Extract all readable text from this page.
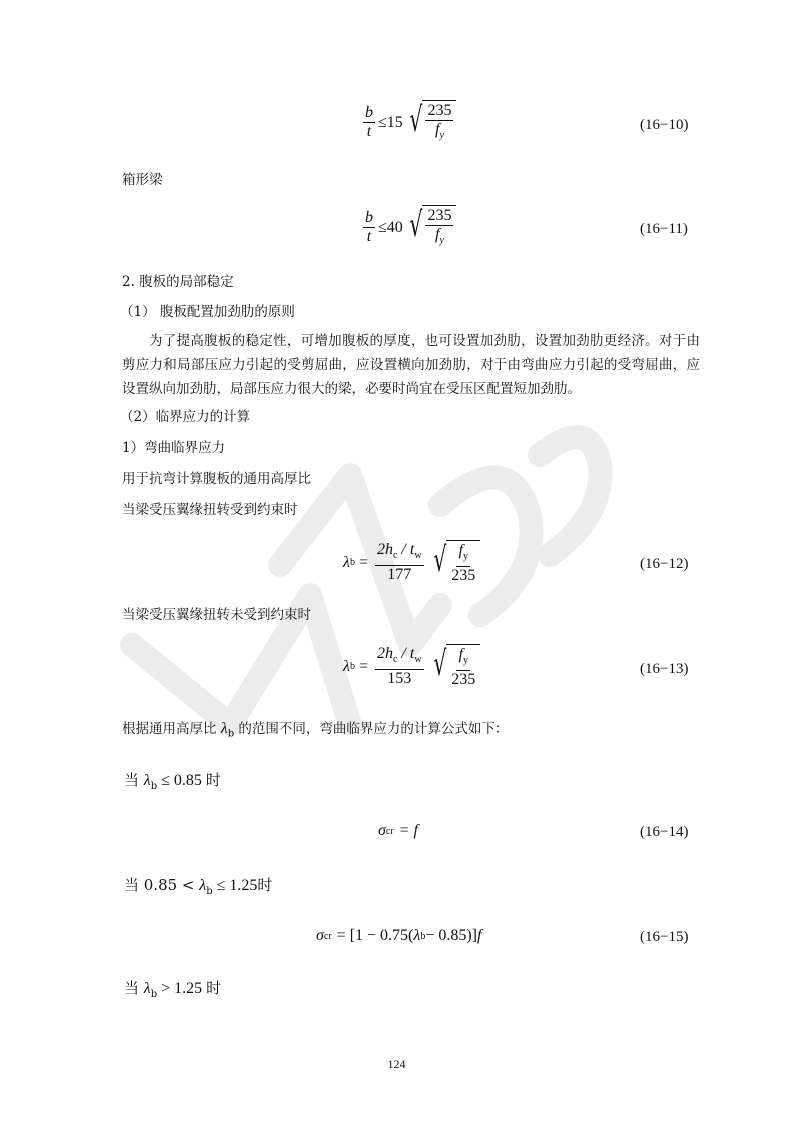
$\frac{b}{t} \le 15$ √ $\frac{235}{f_y}$	(16−10)
箱形梁
$\frac{b}{t} \le 40$ √ $\frac{235}{f_y}$	(16−11)
2. 腹板的局部稳定
（1） 腹板配置加劲肋的原则
为了提高腹板的稳定性，可增加腹板的厚度，也可设置加劲肋，设置加劲肋更经济。对于由剪应力和局部压应力引起的受剪屈曲，应设置横向加劲肋，对于由弯曲应力引起的受弯屈曲，应设置纵向加劲肋，局部压应力很大的梁，必要时尚宜在受压区配置短加劲肋。
（2）临界应力的计算
1）弯曲临界应力
用于抗弯计算腹板的通用高厚比
当梁受压翼缘扭转受到约束时
λ $b = \frac{2h_c / t_w}{177}$ √ $\frac{f_y}{235}$	(16−12)
当梁受压翼缘扭转未受到约束时
λ $b = \frac{2h_c / t_w}{153}$ √ $\frac{f_y}{235}$	(16−13)
根据通用高厚比 $\lambda_b$ 的范围不同，弯曲临界应力的计算公式如下：
当 $\lambda_b \le 0.85$ 时
σ cr = f	(16−14)
当 $0.85 < \lambda_b \le 1.25$时
σ cr = [1 − 0.75( λ b − 0.85)] f	(16−15)
当 $\lambda_b > 1.25$ 时
124
